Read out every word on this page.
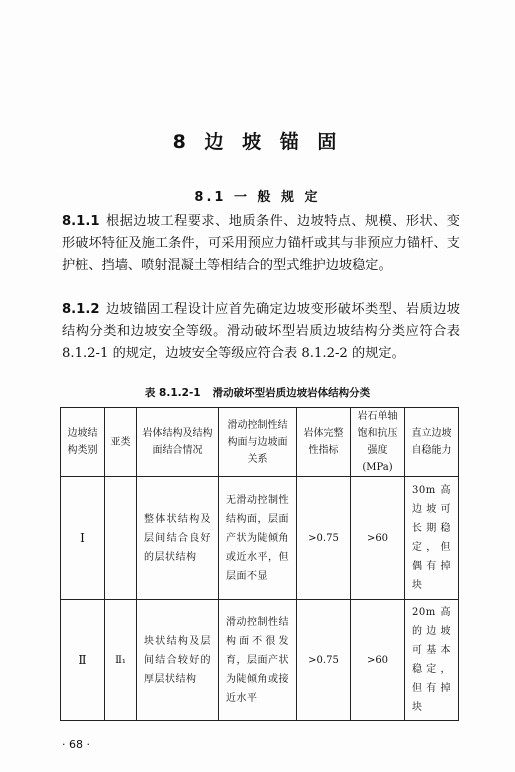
8 边 坡 锚 固
8.1 一 般 规 定
8.1.1 根据边坡工程要求、地质条件、边坡特点、规模、形状、变形破坏特征及施工条件，可采用预应力锚杆或其与非预应力锚杆、支护桩、挡墙、喷射混凝土等相结合的型式维护边坡稳定。
8.1.2 边坡锚固工程设计应首先确定边坡变形破坏类型、岩质边坡结构分类和边坡安全等级。滑动破坏型岩质边坡结构分类应符合表 8.1.2-1 的规定，边坡安全等级应符合表 8.1.2-2 的规定。
表 8.1.2-1 滑动破坏型岩质边坡岩体结构分类
边坡结构类别	亚类	岩体结构及结构面结合情况	滑动控制性结构面与边坡面关系	岩体完整性指标	岩石单轴饱和抗压强度(MPa)	直立边坡自稳能力
Ⅰ		整体状结构及层间结合良好的层状结构	无滑动控制性结构面，层面产状为陡倾角或近水平，但层面不显	>0.75	>60	30m高边坡可长期稳定，但偶有掉块
Ⅱ	Ⅱ₁	块状结构及层间结合较好的厚层状结构	滑动控制性结构面不很发育，层面产状为陡倾角或接近水平	>0.75	>60	20m高的边坡可基本稳定，但有掉块
· 68 ·
